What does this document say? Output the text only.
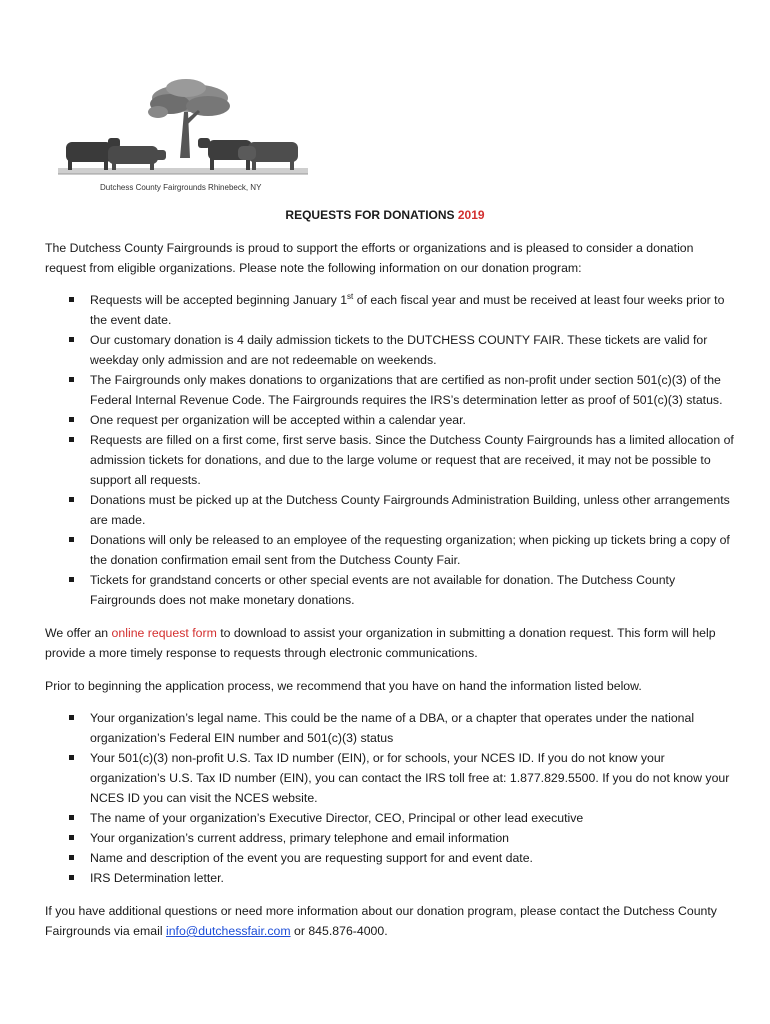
Dutchess County Fairgrounds Rhinebeck, NY
REQUESTS FOR DONATIONS 2019

The Dutchess County Fairgrounds is proud to support the efforts or organizations and is pleased to consider a donation request from eligible organizations. Please note the following information on our donation program:

Requests will be accepted beginning January 1st of each fiscal year and must be received at least four weeks prior to the event date.
Our customary donation is 4 daily admission tickets to the DUTCHESS COUNTY FAIR. These tickets are valid for weekday only admission and are not redeemable on weekends.
The Fairgrounds only makes donations to organizations that are certified as non-profit under section 501(c)(3) of the Federal Internal Revenue Code. The Fairgrounds requires the IRS’s determination letter as proof of 501(c)(3) status.
One request per organization will be accepted within a calendar year.
Requests are filled on a first come, first serve basis. Since the Dutchess County Fairgrounds has a limited allocation of admission tickets for donations, and due to the large volume or request that are received, it may not be possible to support all requests.
Donations must be picked up at the Dutchess County Fairgrounds Administration Building, unless other arrangements are made.
Donations will only be released to an employee of the requesting organization; when picking up tickets bring a copy of the donation confirmation email sent from the Dutchess County Fair.
Tickets for grandstand concerts or other special events are not available for donation. The Dutchess County Fairgrounds does not make monetary donations.

We offer an online request form to download to assist your organization in submitting a donation request. This form will help provide a more timely response to requests through electronic communications.

Prior to beginning the application process, we recommend that you have on hand the information listed below.

Your organization’s legal name. This could be the name of a DBA, or a chapter that operates under the national organization’s Federal EIN number and 501(c)(3) status
Your 501(c)(3) non-profit U.S. Tax ID number (EIN), or for schools, your NCES ID. If you do not know your organization’s U.S. Tax ID number (EIN), you can contact the IRS toll free at: 1.877.829.5500. If you do not know your NCES ID you can visit the NCES website.
The name of your organization’s Executive Director, CEO, Principal or other lead executive
Your organization’s current address, primary telephone and email information
Name and description of the event you are requesting support for and event date.
IRS Determination letter.

If you have additional questions or need more information about our donation program, please contact the Dutchess County Fairgrounds via email info@dutchessfair.com or 845.876-4000.
